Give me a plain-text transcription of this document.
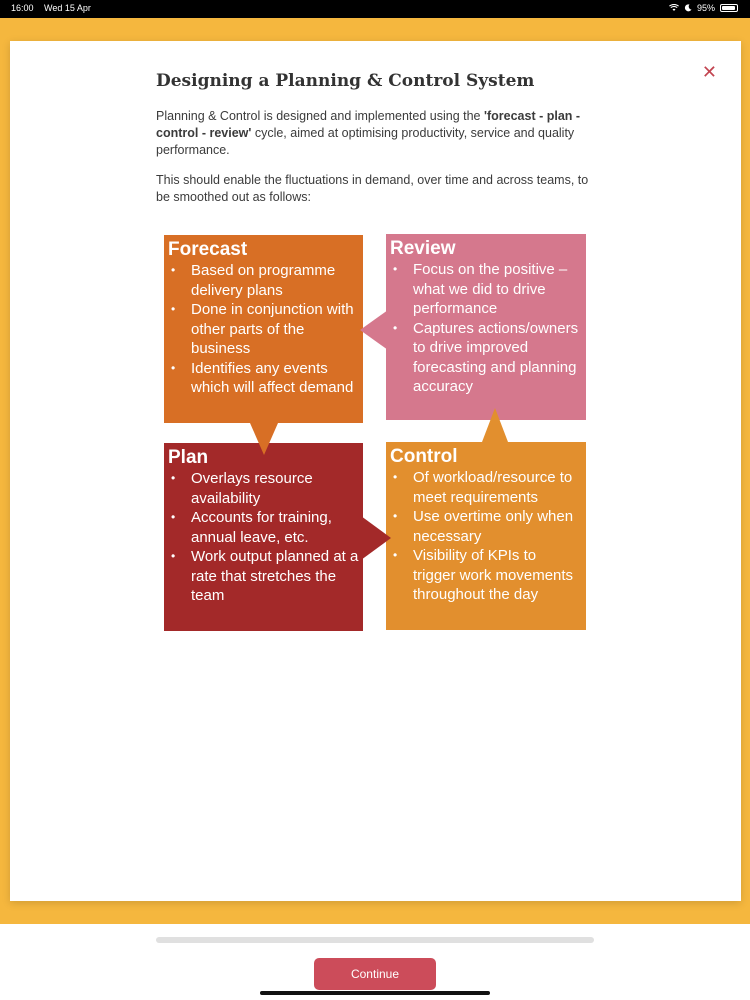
16:00 Wed 15 Apr	95%
✕
Designing a Planning & Control System

Planning & Control is designed and implemented using the 'forecast - plan - control - review' cycle, aimed at optimising productivity, service and quality performance.

This should enable the fluctuations in demand, over time and across teams, to be smoothed out as follows:

Forecast
• Based on programme delivery plans
• Done in conjunction with other parts of the business
• Identifies any events which will affect demand
Review
• Focus on the positive – what we did to drive performance
• Captures actions/owners to drive improved forecasting and planning accuracy
Plan
• Overlays resource availability
• Accounts for training, annual leave, etc.
• Work output planned at a rate that stretches the team
Control
• Of workload/resource to meet requirements
• Use overtime only when necessary
• Visibility of KPIs to trigger work movements throughout the day
Continue
